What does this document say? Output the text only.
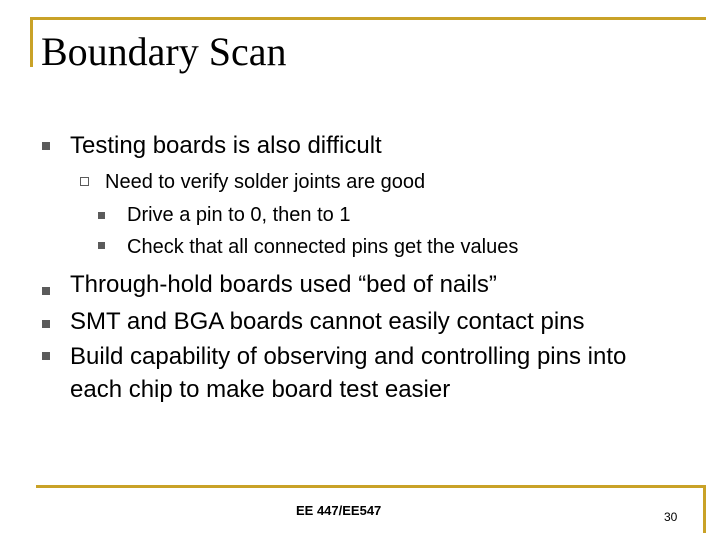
Boundary Scan
Testing boards is also difficult
Need to verify solder joints are good
Drive a pin to 0, then to 1
Check that all connected pins get the values
Through-hold boards used “bed of nails”
SMT and BGA boards cannot easily contact pins
Build capability of observing and controlling pins into
each chip to make board test easier
EE 447/EE547	30
